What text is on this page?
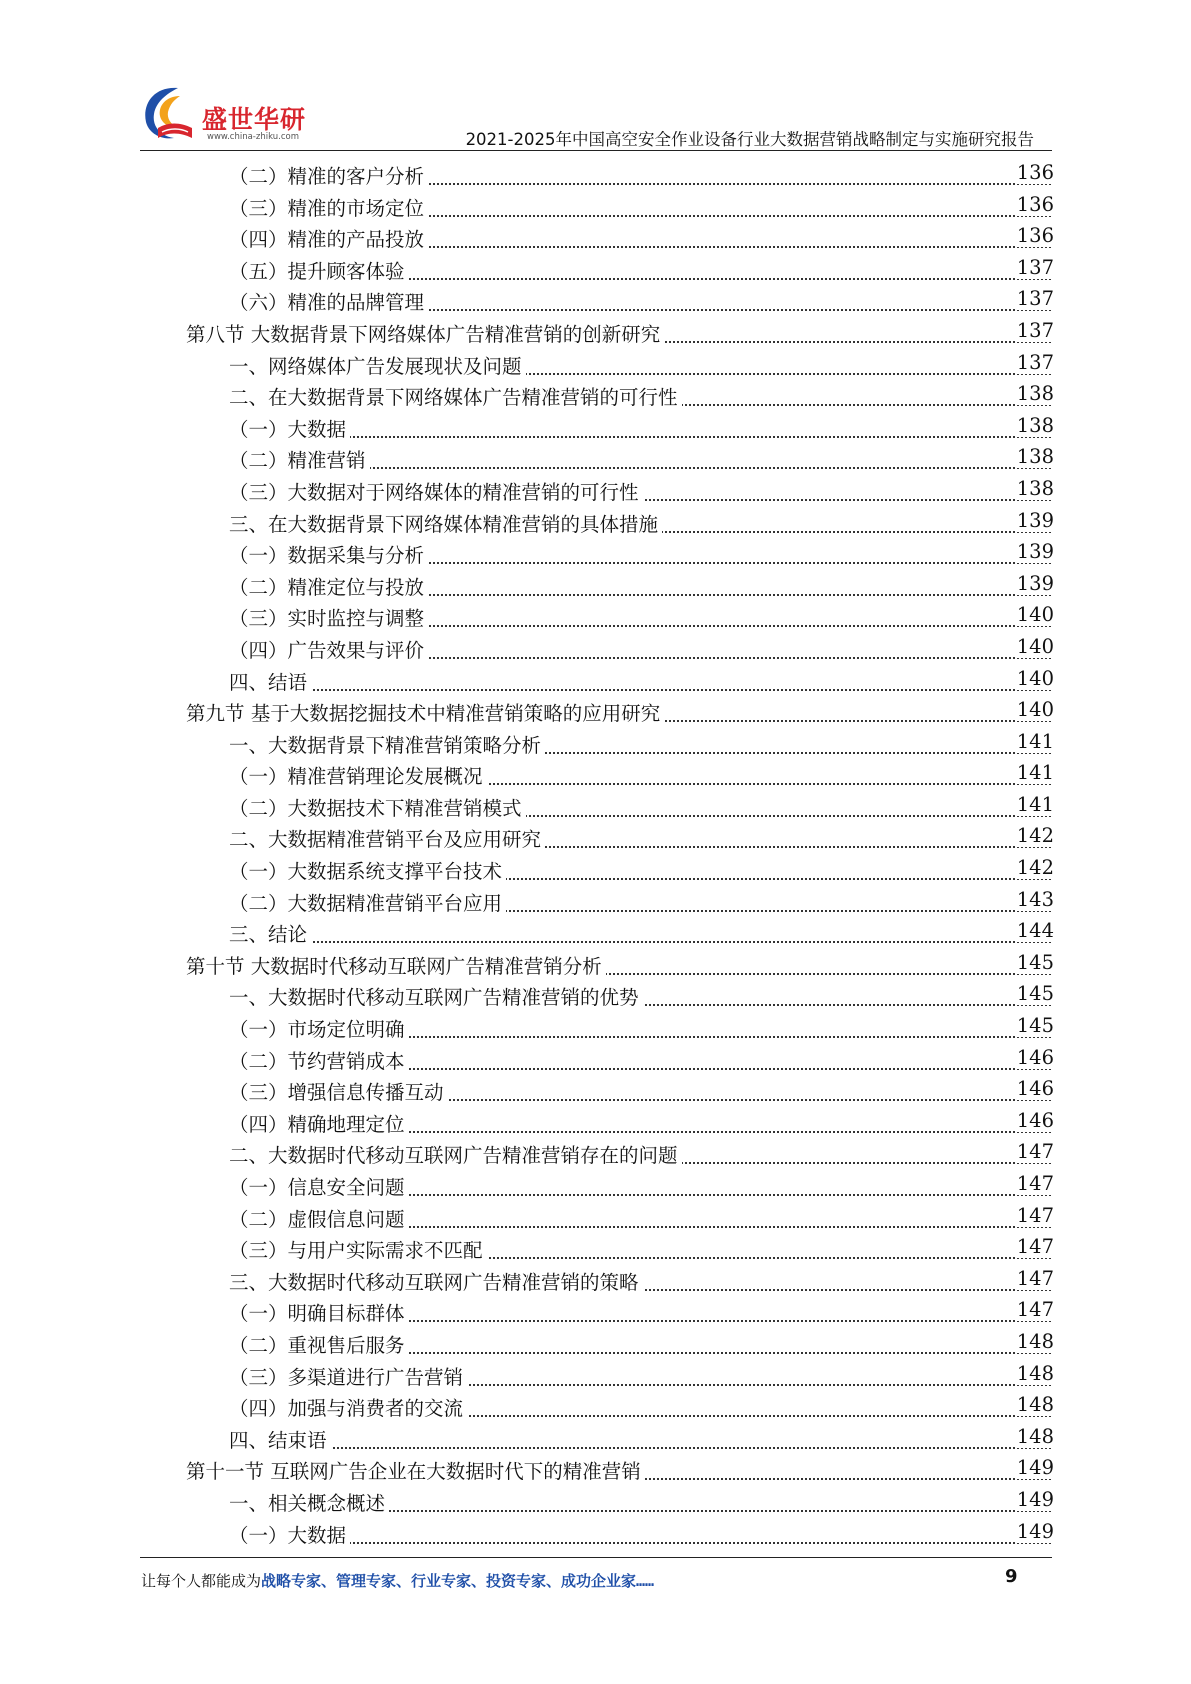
盛世华研
www.china-zhiku.com	2021-2025年中国高空安全作业设备行业大数据营销战略制定与实施研究报告
（二）精准的客户分析	136
（三）精准的市场定位	136
（四）精准的产品投放	136
（五）提升顾客体验	137
（六）精准的品牌管理	137
第八节 大数据背景下网络媒体广告精准营销的创新研究	137
一、网络媒体广告发展现状及问题	137
二、在大数据背景下网络媒体广告精准营销的可行性	138
（一）大数据	138
（二）精准营销	138
（三）大数据对于网络媒体的精准营销的可行性	138
三、在大数据背景下网络媒体精准营销的具体措施	139
（一）数据采集与分析	139
（二）精准定位与投放	139
（三）实时监控与调整	140
（四）广告效果与评价	140
四、结语	140
第九节 基于大数据挖掘技术中精准营销策略的应用研究	140
一、大数据背景下精准营销策略分析	141
（一）精准营销理论发展概况	141
（二）大数据技术下精准营销模式	141
二、大数据精准营销平台及应用研究	142
（一）大数据系统支撑平台技术	142
（二）大数据精准营销平台应用	143
三、结论	144
第十节 大数据时代移动互联网广告精准营销分析	145
一、大数据时代移动互联网广告精准营销的优势	145
（一）市场定位明确	145
（二）节约营销成本	146
（三）增强信息传播互动	146
（四）精确地理定位	146
二、大数据时代移动互联网广告精准营销存在的问题	147
（一）信息安全问题	147
（二）虚假信息问题	147
（三）与用户实际需求不匹配	147
三、大数据时代移动互联网广告精准营销的策略	147
（一）明确目标群体	147
（二）重视售后服务	148
（三）多渠道进行广告营销	148
（四）加强与消费者的交流	148
四、结束语	148
第十一节 互联网广告企业在大数据时代下的精准营销	149
一、相关概念概述	149
（一）大数据	149
让每个人都能成为战略专家、管理专家、行业专家、投资专家、成功企业家……	9
